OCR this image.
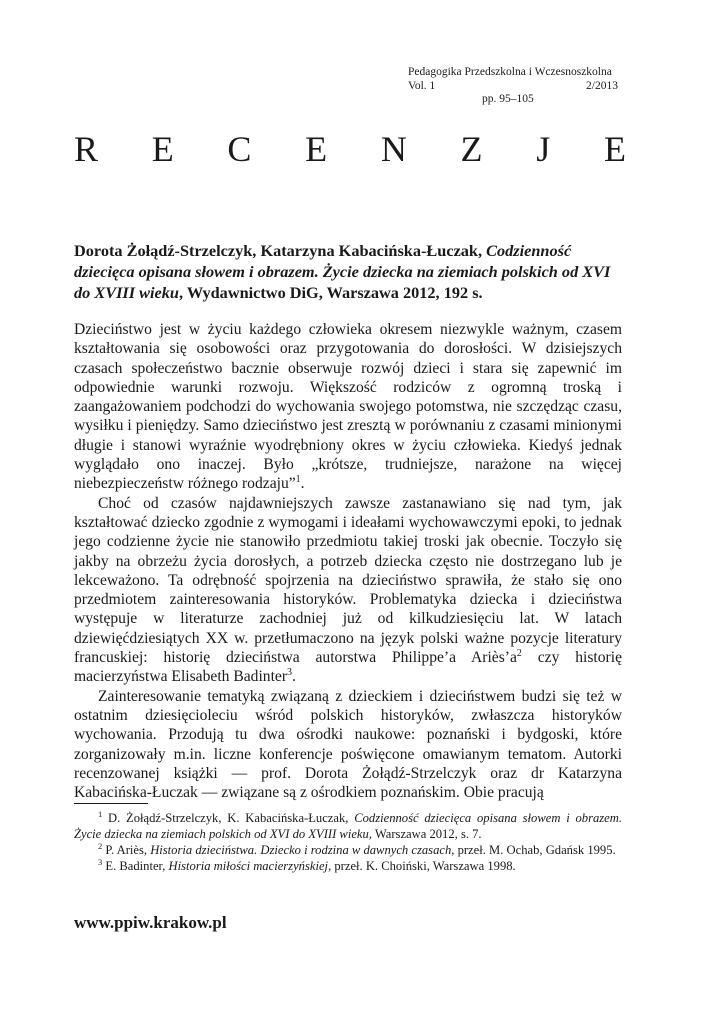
Pedagogika Przedszkolna i Wczesnoszkolna
Vol. 1	2/2013
pp. 95–105
R E C E N Z J E
Dorota Żołądź-Strzelczyk, Katarzyna Kabacińska-Łuczak, Codzienność dziecięca opisana słowem i obrazem. Życie dziecka na ziemiach polskich od XVI do XVIII wieku, Wydawnictwo DiG, Warszawa 2012, 192 s.

Dzieciństwo jest w życiu każdego człowieka okresem niezwykle ważnym, czasem kształtowania się osobowości oraz przygotowania do dorosłości. W dzisiejszych czasach społeczeństwo bacznie obserwuje rozwój dzieci i stara się zapewnić im odpowiednie warunki rozwoju. Większość rodziców z ogromną troską i zaangażowaniem podchodzi do wychowania swojego potomstwa, nie szczędząc czasu, wysiłku i pieniędzy. Samo dzieciństwo jest zresztą w porównaniu z czasami minionymi długie i stanowi wyraźnie wyodrębniony okres w życiu człowieka. Kiedyś jednak wyglądało ono inaczej. Było „krótsze, trudniejsze, narażone na więcej niebezpieczeństw różnego rodzaju”$^1$.

Choć od czasów najdawniejszych zawsze zastanawiano się nad tym, jak kształtować dziecko zgodnie z wymogami i ideałami wychowawczymi epoki, to jednak jego codzienne życie nie stanowiło przedmiotu takiej troski jak obecnie. Toczyło się jakby na obrzeżu życia dorosłych, a potrzeb dziecka często nie dostrzegano lub je lekceważono. Ta odrębność spojrzenia na dzieciństwo sprawiła, że stało się ono przedmiotem zainteresowania historyków. Problematyka dziecka i dzieciństwa występuje w literaturze zachodniej już od kilkudziesięciu lat. W latach dziewięćdziesiątych XX w. przetłumaczono na język polski ważne pozycje literatury francuskiej: historię dzieciństwa autorstwa Philippe’a $Ariès’a^2$ czy historię macierzyństwa Elisabeth Badinter$^3$.

Zainteresowanie tematyką związaną z dzieckiem i dzieciństwem budzi się też w ostatnim dziesięcioleciu wśród polskich historyków, zwłaszcza historyków wychowania. Przodują tu dwa ośrodki naukowe: poznański i bydgoski, które zorganizowały m.in. liczne konferencje poświęcone omawianym tematom. Autorki recenzowanej książki — prof. Dorota Żołądź-Strzelczyk oraz dr Katarzyna Kabacińska-Łuczak — związane są z ośrodkiem poznańskim. Obie pracują

$^1$ D. Żołądź-Strzelczyk, K. Kabacińska-Łuczak, Codzienność dziecięca opisana słowem i obrazem. Życie dziecka na ziemiach polskich od XVI do XVIII wieku, Warszawa 2012, s. 7.

$^2$ P. Ariès, Historia dzieciństwa. Dziecko i rodzina w dawnych czasach, przeł. M. Ochab, Gdańsk 1995.

$^3$ E. Badinter, Historia miłości macierzyńskiej, przeł. K. Choiński, Warszawa 1998.

www.ppiw.krakow.pl
